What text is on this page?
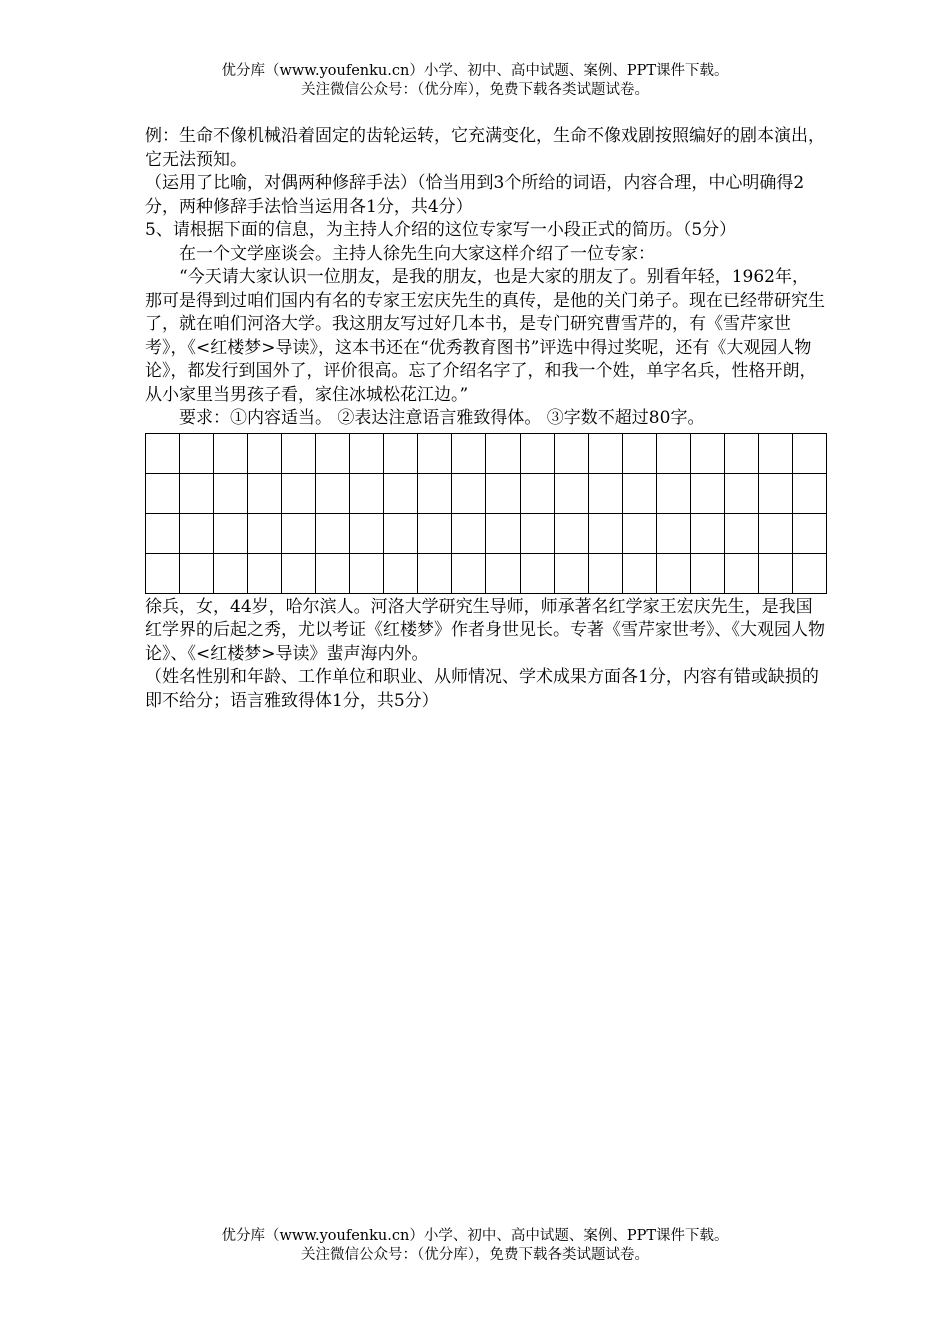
优分库（www.youfenku.cn）小学、初中、高中试题、案例、PPT课件下载。
关注微信公众号：（优分库），免费下载各类试题试卷。

例：生命不像机械沿着固定的齿轮运转，它充满变化，生命不像戏剧按照编好的剧本演出，它无法预知。

（运用了比喻，对偶两种修辞手法）（恰当用到3个所给的词语，内容合理，中心明确得2分，两种修辞手法恰当运用各1分，共4分）

5、请根据下面的信息，为主持人介绍的这位专家写一小段正式的简历。（5分）

在一个文学座谈会。主持人徐先生向大家这样介绍了一位专家：

“今天请大家认识一位朋友，是我的朋友，也是大家的朋友了。别看年轻，1962年，那可是得到过咱们国内有名的专家王宏庆先生的真传，是他的关门弟子。现在已经带研究生了，就在咱们河洛大学。我这朋友写过好几本书，是专门研究曹雪芹的，有《雪芹家世考》，《<红楼梦>导读》，这本书还在“优秀教育图书”评选中得过奖呢，还有《大观园人物论》，都发行到国外了，评价很高。忘了介绍名字了，和我一个姓，单字名兵，性格开朗，从小家里当男孩子看，家住冰城松花江边。”

要求：①内容适当。 ②表达注意语言雅致得体。 ③字数不超过80字。

徐兵，女，44岁，哈尔滨人。河洛大学研究生导师，师承著名红学家王宏庆先生，是我国红学界的后起之秀，尤以考证《红楼梦》作者身世见长。专著《雪芹家世考》、《大观园人物论》、《<红楼梦>导读》蜚声海内外。

（姓名性别和年龄、工作单位和职业、从师情况、学术成果方面各1分，内容有错或缺损的即不给分；语言雅致得体1分，共5分）

优分库（www.youfenku.cn）小学、初中、高中试题、案例、PPT课件下载。
关注微信公众号：（优分库），免费下载各类试题试卷。
